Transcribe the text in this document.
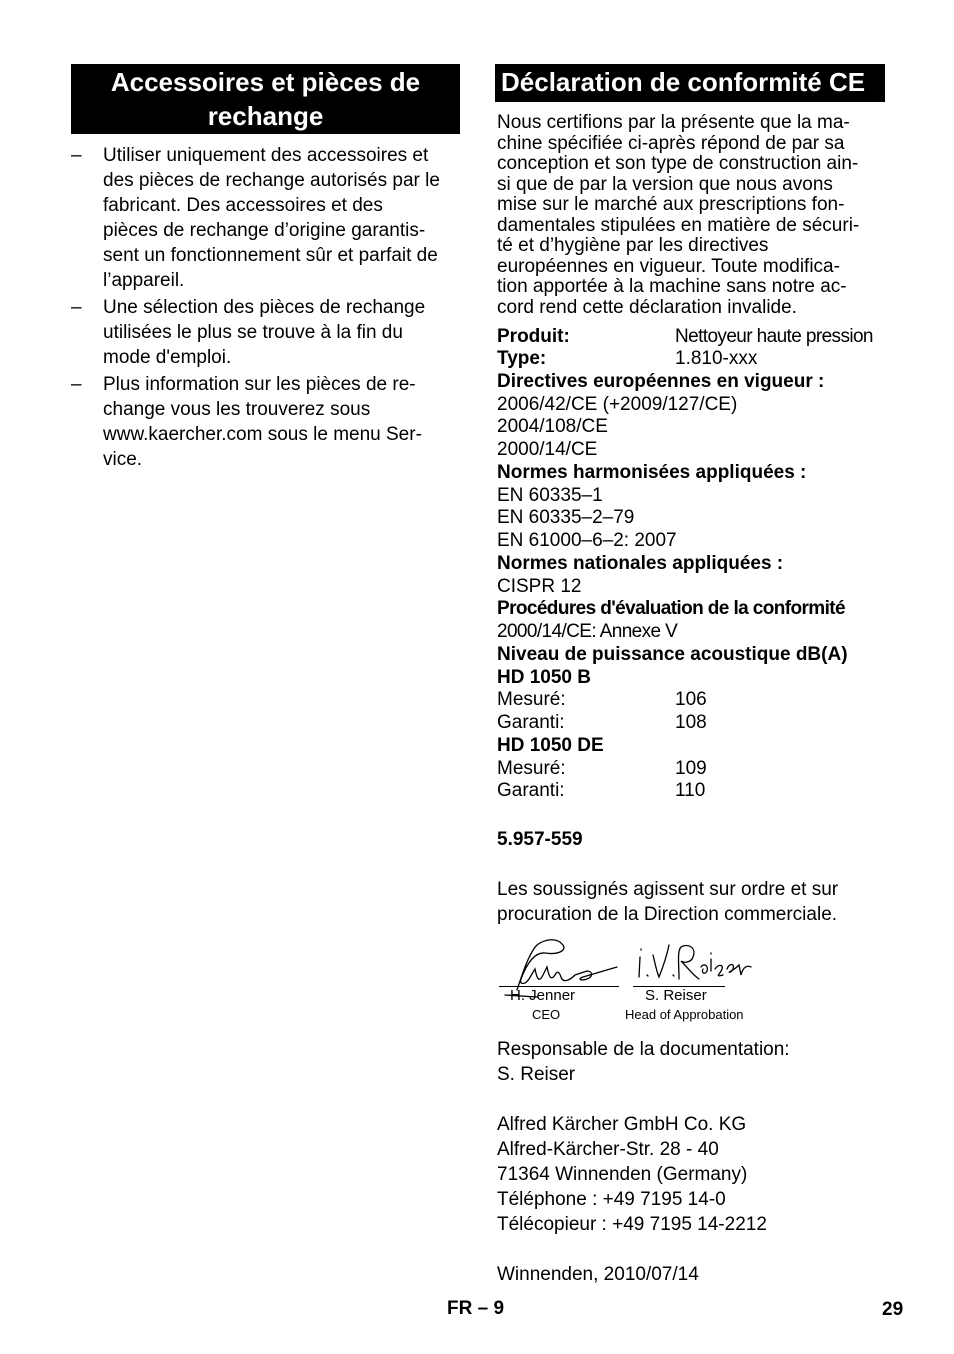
Accessoires et pièces de
rechange
– Utiliser uniquement des accessoires et
des pièces de rechange autorisés par le
fabricant. Des accessoires et des
pièces de rechange d’origine garantis-
sent un fonctionnement sûr et parfait de
l’appareil.
– Une sélection des pièces de rechange
utilisées le plus se trouve à la fin du
mode d'emploi.
– Plus information sur les pièces de re-
change vous les trouverez sous
www.kaercher.com sous le menu Ser-
vice.
Déclaration de conformité CE
Nous certifions par la présente que la ma-
chine spécifiée ci-après répond de par sa
conception et son type de construction ain-
si que de par la version que nous avons
mise sur le marché aux prescriptions fon-
damentales stipulées en matière de sécuri-
té et d’hygiène par les directives
européennes en vigueur. Toute modifica-
tion apportée à la machine sans notre ac-
cord rend cette déclaration invalide.
Produit:	Nettoyeur haute pression
Type:	1.810-xxx
Directives européennes en vigueur :
2006/42/CE (+2009/127/CE)
2004/108/CE
2000/14/CE
Normes harmonisées appliquées :
EN 60335–1
EN 60335–2–79
EN 61000–6–2: 2007
Normes nationales appliquées :
CISPR 12
Procédures d'évaluation de la conformité
2000/14/CE: Annexe V
Niveau de puissance acoustique dB(A)
HD 1050 B
Mesuré:	106
Garanti:	108
HD 1050 DE
Mesuré:	109
Garanti:	110
5.957-559
Les soussignés agissent sur ordre et sur
procuration de la Direction commerciale.
H. Jenner
CEO
S. Reiser
Head of Approbation
Responsable de la documentation:
S. Reiser
Alfred Kärcher GmbH Co. KG
Alfred-Kärcher-Str. 28 - 40
71364 Winnenden (Germany)
Téléphone : +49 7195 14-0
Télécopieur : +49 7195 14-2212
Winnenden, 2010/07/14
FR – 9	29
